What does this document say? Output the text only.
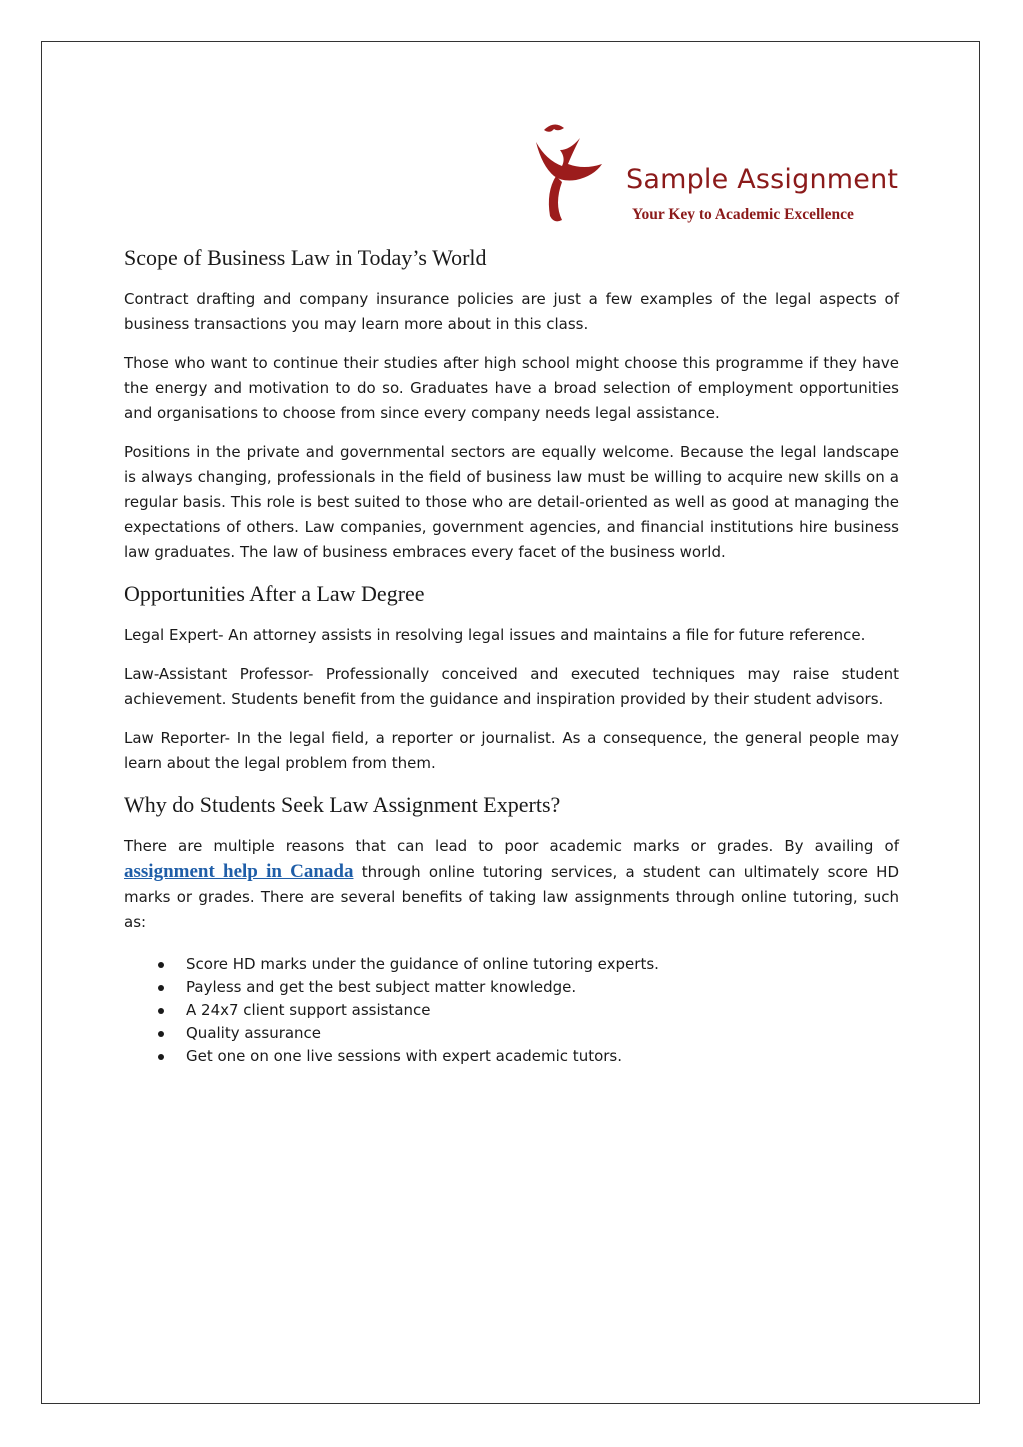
Sample Assignment
Your Key to Academic Excellence
Scope of Business Law in Today’s World

Contract drafting and company insurance policies are just a few examples of the legal aspects of business transactions you may learn more about in this class.

Those who want to continue their studies after high school might choose this programme if they have the energy and motivation to do so. Graduates have a broad selection of employment opportunities and organisations to choose from since every company needs legal assistance.

Positions in the private and governmental sectors are equally welcome. Because the legal landscape is always changing, professionals in the field of business law must be willing to acquire new skills on a regular basis. This role is best suited to those who are detail-oriented as well as good at managing the expectations of others. Law companies, government agencies, and financial institutions hire business law graduates. The law of business embraces every facet of the business world.

Opportunities After a Law Degree

Legal Expert- An attorney assists in resolving legal issues and maintains a file for future reference.

Law-Assistant Professor- Professionally conceived and executed techniques may raise student achievement. Students benefit from the guidance and inspiration provided by their student advisors.

Law Reporter- In the legal field, a reporter or journalist. As a consequence, the general people may learn about the legal problem from them.

Why do Students Seek Law Assignment Experts?

There are multiple reasons that can lead to poor academic marks or grades. By availing of assignment help in Canada through online tutoring services, a student can ultimately score HD marks or grades. There are several benefits of taking law assignments through online tutoring, such as:

Score HD marks under the guidance of online tutoring experts.
Payless and get the best subject matter knowledge.
A 24x7 client support assistance
Quality assurance
Get one on one live sessions with expert academic tutors.
